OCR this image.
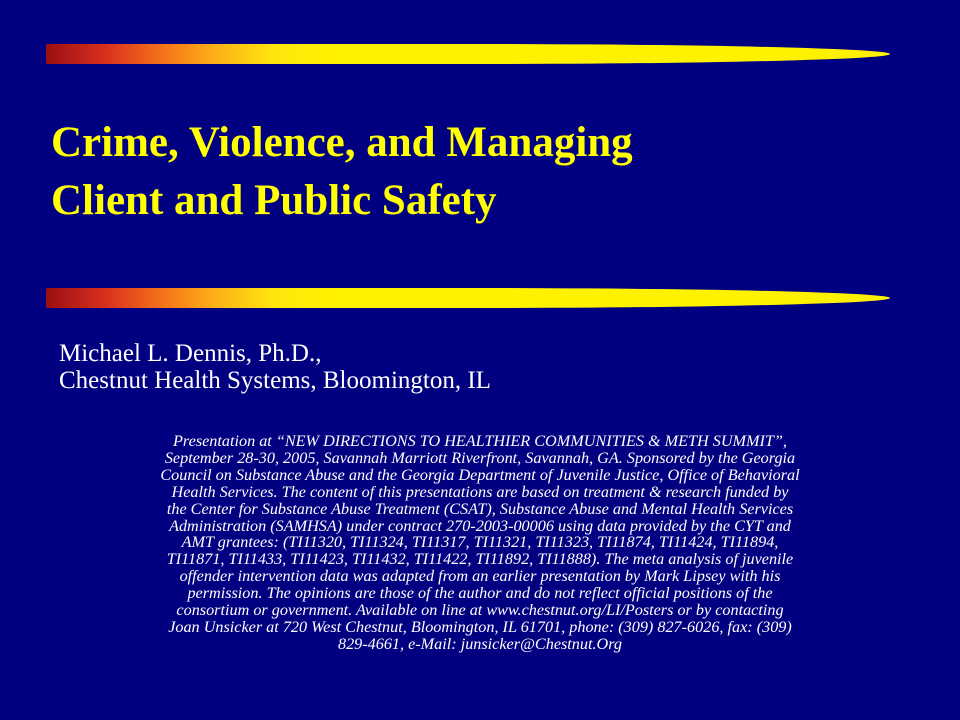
Crime, Violence, and Managing
Client and Public Safety
Michael L. Dennis, Ph.D.,
Chestnut Health Systems, Bloomington, IL

Presentation at “NEW DIRECTIONS TO HEALTHIER COMMUNITIES & METH SUMMIT”,
September 28-30, 2005, Savannah Marriott Riverfront, Savannah, GA. Sponsored by the Georgia
Council on Substance Abuse and the Georgia Department of Juvenile Justice, Office of Behavioral
Health Services. The content of this presentations are based on treatment & research funded by
the Center for Substance Abuse Treatment (CSAT), Substance Abuse and Mental Health Services
Administration (SAMHSA) under contract 270-2003-00006 using data provided by the CYT and
AMT grantees: (TI11320, TI11324, TI11317, TI11321, TI11323, TI11874, TI11424, TI11894,
TI11871, TI11433, TI11423, TI11432, TI11422, TI11892, TI11888). The meta analysis of juvenile
offender intervention data was adapted from an earlier presentation by Mark Lipsey with his
permission. The opinions are those of the author and do not reflect official positions of the
consortium or government. Available on line at www.chestnut.org/LI/Posters or by contacting
Joan Unsicker at 720 West Chestnut, Bloomington, IL 61701, phone: (309) 827-6026, fax: (309)
829-4661, e-Mail: junsicker@Chestnut.Org
